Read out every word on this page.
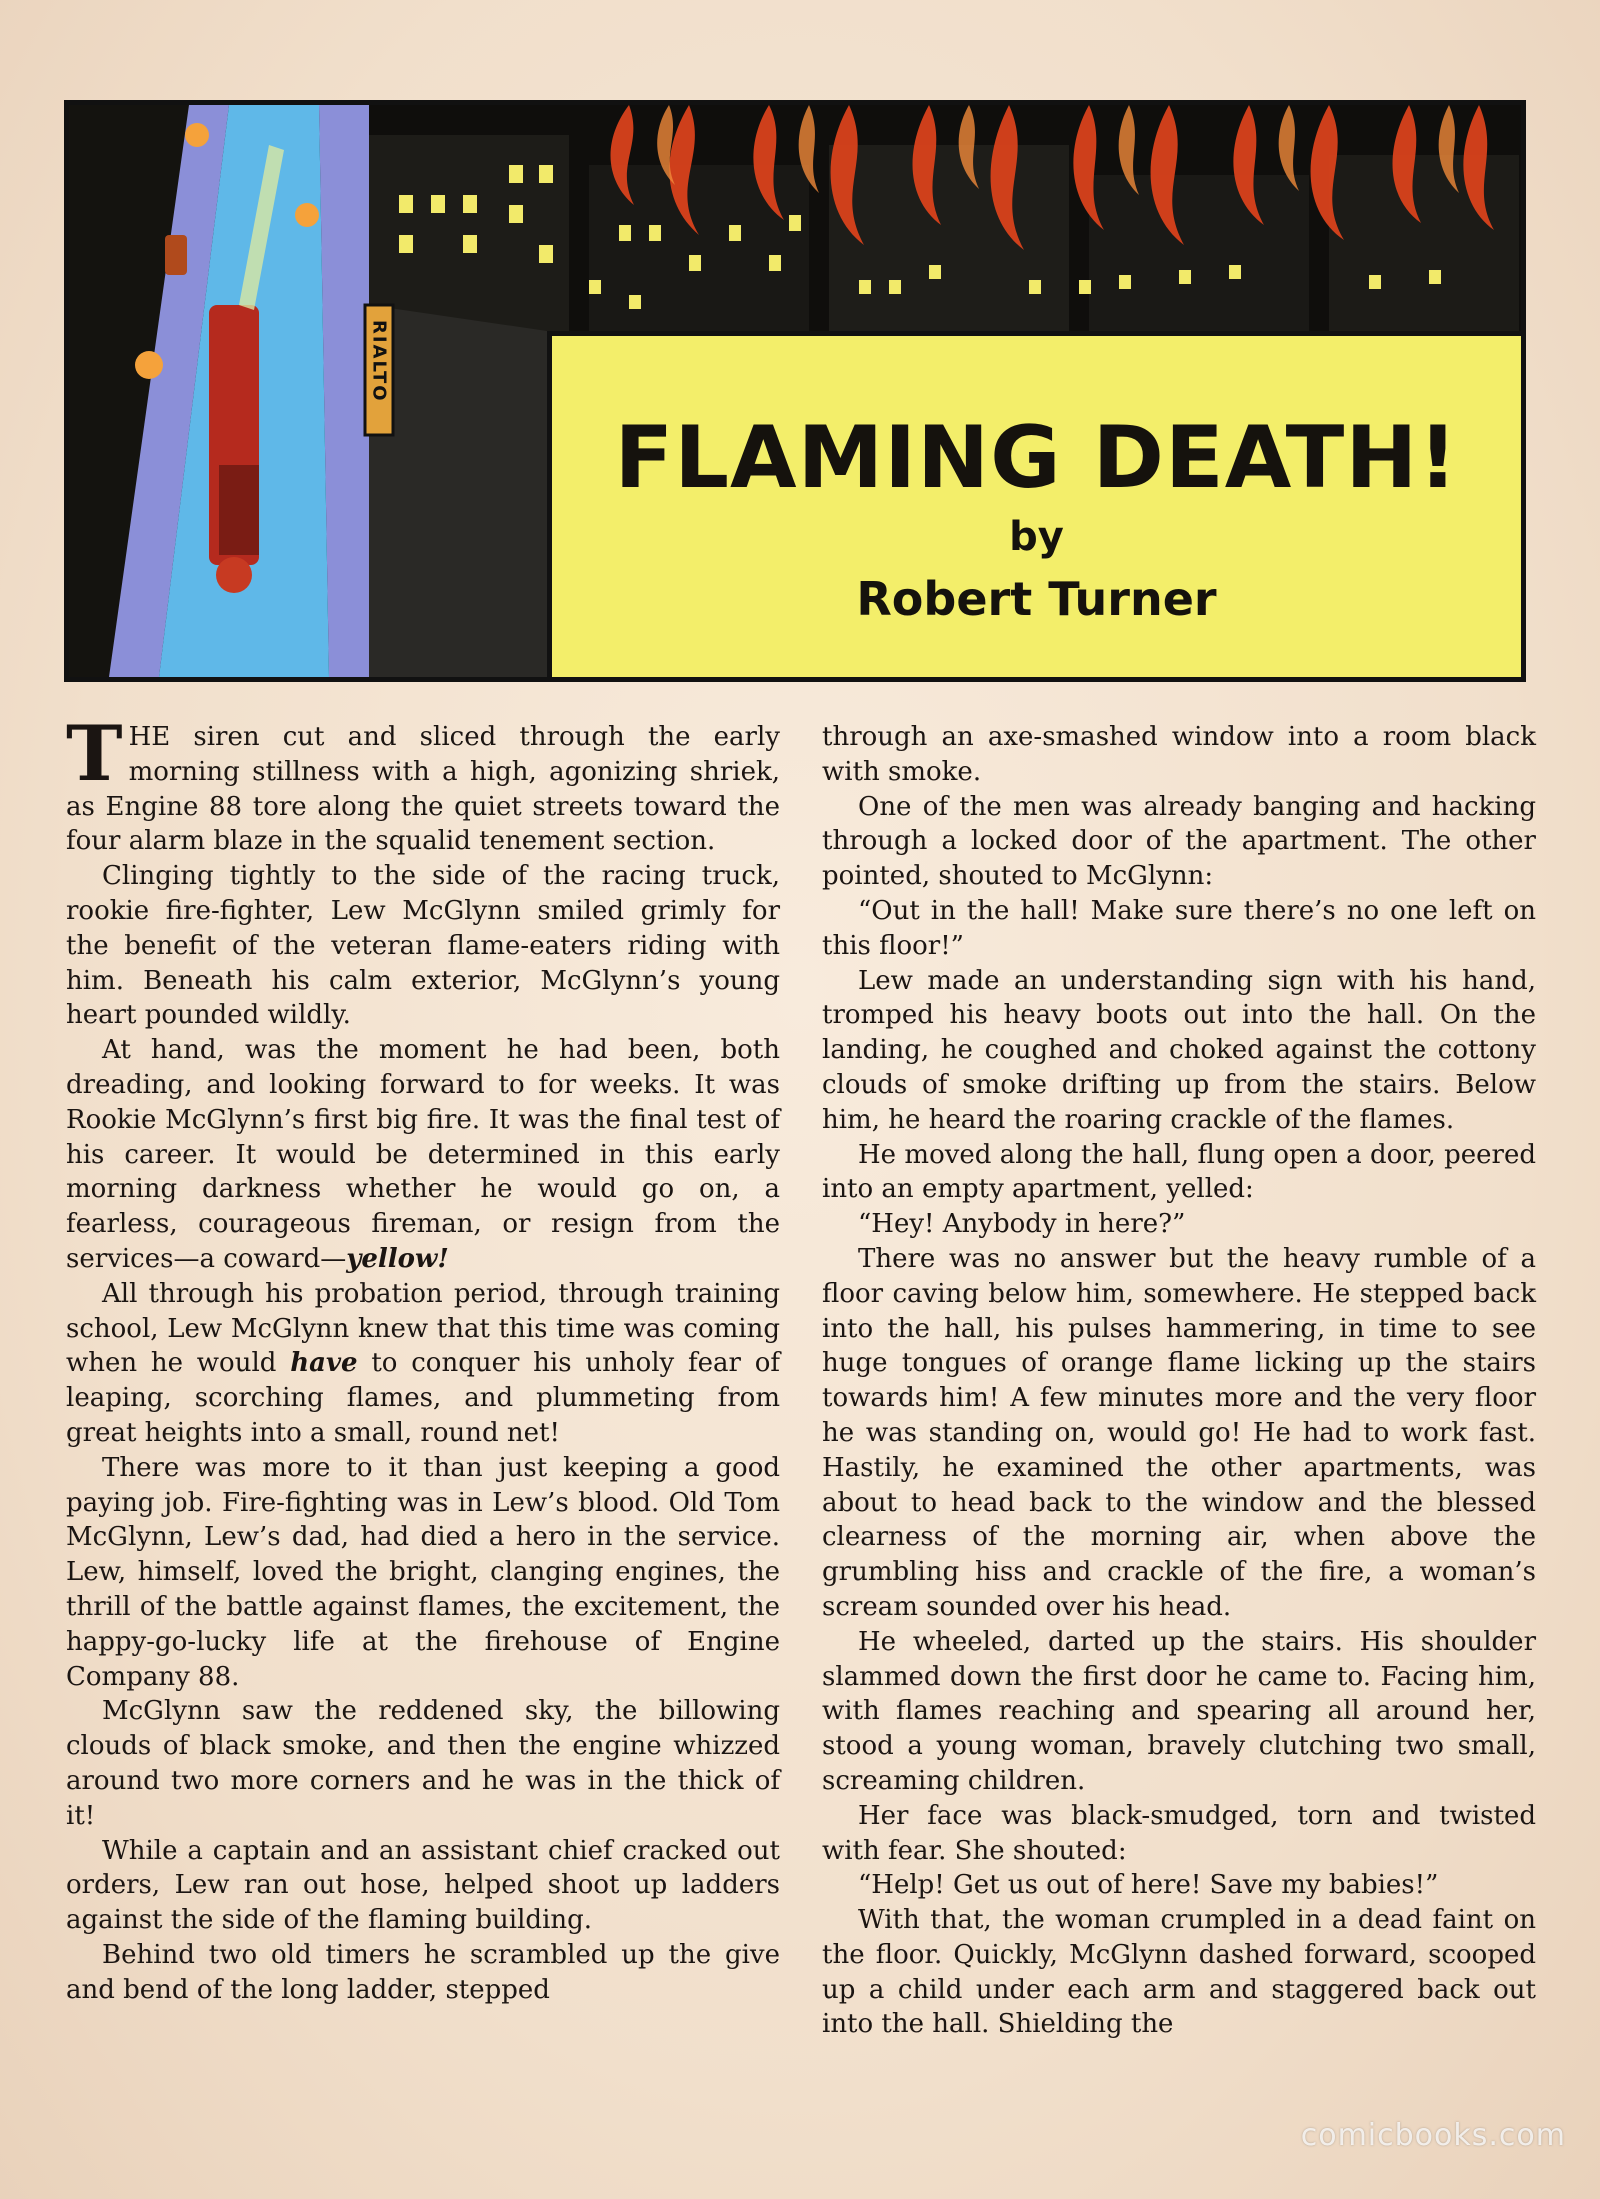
RIALTO
FLAMING DEATH!
by
Robert Turner

THE siren cut and sliced through the early morning stillness with a high, agonizing shriek, as Engine 88 tore along the quiet streets toward the four alarm blaze in the squalid tenement section.

Clinging tightly to the side of the racing truck, rookie fire-fighter, Lew McGlynn smiled grimly for the benefit of the veteran flame-eaters riding with him. Beneath his calm exterior, McGlynn’s young heart pounded wildly.

At hand, was the moment he had been, both dreading, and looking forward to for weeks. It was Rookie McGlynn’s first big fire. It was the final test of his career. It would be determined in this early morning darkness whether he would go on, a fearless, courageous fireman, or resign from the services—a coward—yellow!

All through his probation period, through training school, Lew McGlynn knew that this time was coming when he would have to conquer his unholy fear of leaping, scorching flames, and plummeting from great heights into a small, round net!

There was more to it than just keeping a good paying job. Fire-fighting was in Lew’s blood. Old Tom McGlynn, Lew’s dad, had died a hero in the service. Lew, himself, loved the bright, clanging engines, the thrill of the battle against flames, the excitement, the happy-go-lucky life at the firehouse of Engine Company 88.

McGlynn saw the reddened sky, the billowing clouds of black smoke, and then the engine whizzed around two more corners and he was in the thick of it!

While a captain and an assistant chief cracked out orders, Lew ran out hose, helped shoot up ladders against the side of the flaming building.

Behind two old timers he scrambled up the give and bend of the long ladder, stepped

through an axe-smashed window into a room black with smoke.

One of the men was already banging and hacking through a locked door of the apartment. The other pointed, shouted to McGlynn:

“Out in the hall! Make sure there’s no one left on this floor!”

Lew made an understanding sign with his hand, tromped his heavy boots out into the hall. On the landing, he coughed and choked against the cottony clouds of smoke drifting up from the stairs. Below him, he heard the roaring crackle of the flames.

He moved along the hall, flung open a door, peered into an empty apartment, yelled:

“Hey! Anybody in here?”

There was no answer but the heavy rumble of a floor caving below him, somewhere. He stepped back into the hall, his pulses hammering, in time to see huge tongues of orange flame licking up the stairs towards him! A few minutes more and the very floor he was standing on, would go! He had to work fast. Hastily, he examined the other apartments, was about to head back to the window and the blessed clearness of the morning air, when above the grumbling hiss and crackle of the fire, a woman’s scream sounded over his head.

He wheeled, darted up the stairs. His shoulder slammed down the first door he came to. Facing him, with flames reaching and spearing all around her, stood a young woman, bravely clutching two small, screaming children.

Her face was black-smudged, torn and twisted with fear. She shouted:

“Help! Get us out of here! Save my babies!”

With that, the woman crumpled in a dead faint on the floor. Quickly, McGlynn dashed forward, scooped up a child under each arm and staggered back out into the hall. Shielding the

comicbooks.com
